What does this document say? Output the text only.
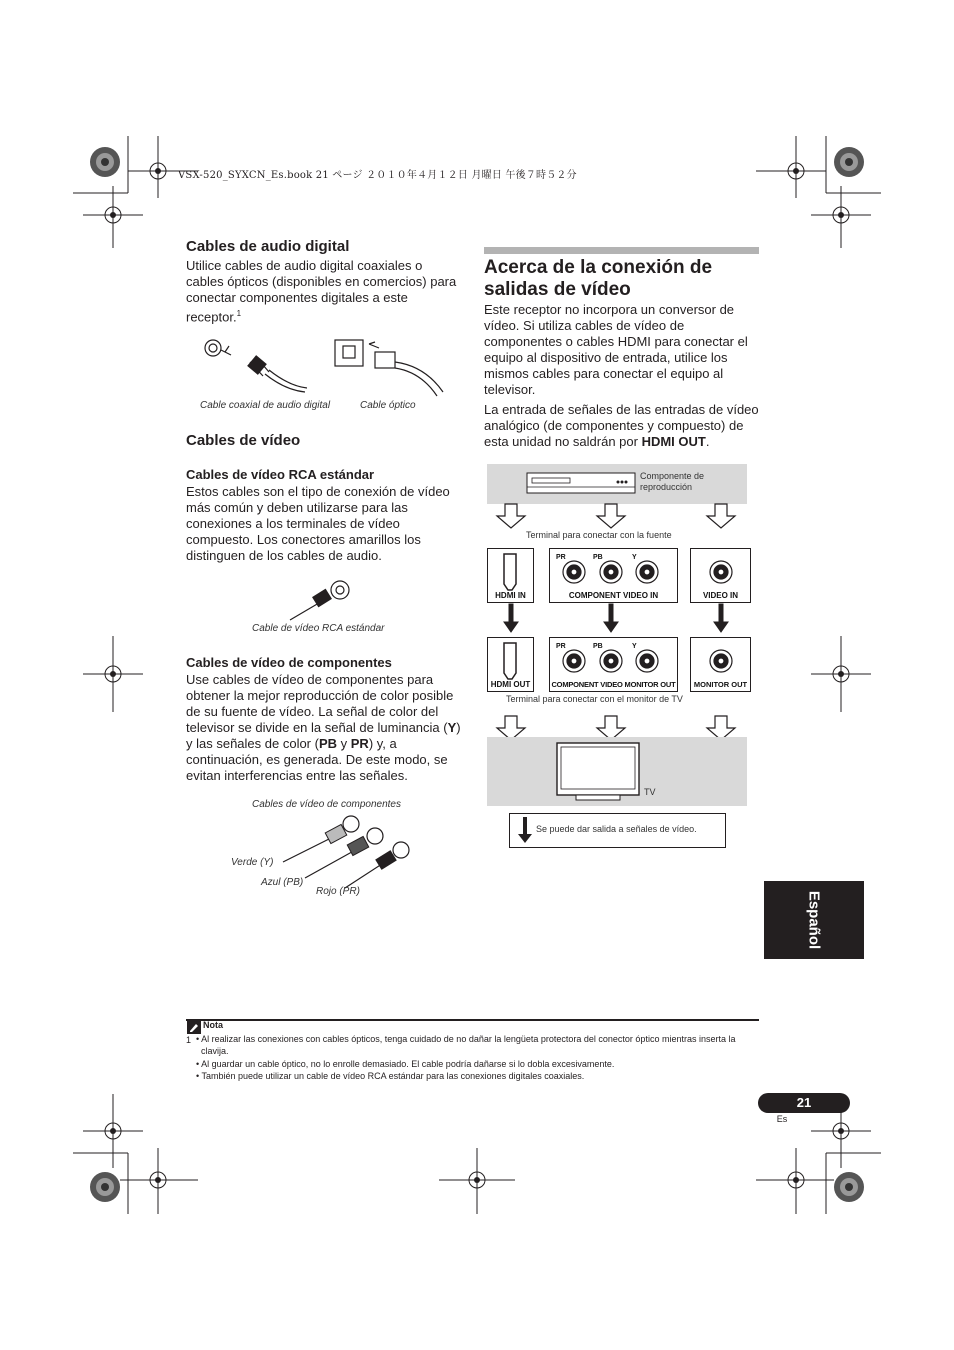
VSX-520_SYXCN_Es.book 21 ページ ２０１０年４月１２日 月曜日 午後７時５２分
Cables de audio digital
Utilice cables de audio digital coaxiales o cables ópticos (disponibles en comercios) para conectar componentes digitales a este receptor.$^1$
Cable coaxial de audio digital	Cable óptico
Cables de vídeo
Cables de vídeo RCA estándar
Estos cables son el tipo de conexión de vídeo más común y deben utilizarse para las conexiones a los terminales de vídeo compuesto. Los conectores amarillos los distinguen de los cables de audio.
Cable de vídeo RCA estándar
Cables de vídeo de componentes
Use cables de vídeo de componentes para obtener la mejor reproducción de color posible de su fuente de vídeo. La señal de color del televisor se divide en la señal de luminancia (Y) y las señales de color (PB y PR) y, a continuación, es generada. De este modo, se evitan interferencias entre las señales.
Cables de vídeo de componentes
Verde (Y)
Azul (PB)
Rojo (PR)
Acerca de la conexión de salidas de vídeo
Este receptor no incorpora un conversor de vídeo. Si utiliza cables de vídeo de componentes o cables HDMI para conectar el equipo al dispositivo de entrada, utilice los mismos cables para conectar el equipo al televisor.
La entrada de señales de las entradas de vídeo analógico (de componentes y compuesto) de esta unidad no saldrán por HDMI OUT.
Componente de reproducción
Terminal para conectar con la fuente
PR	PB	Y
HDMI IN	COMPONENT VIDEO IN	VIDEO IN
PR	PB	Y
HDMI OUT	COMPONENT VIDEO MONITOR OUT	MONITOR OUT
Terminal para conectar con el monitor de TV
TV
Se puede dar salida a señales de vídeo.
Español
Nota
1 • Al realizar las conexiones con cables ópticos, tenga cuidado de no dañar la lengüeta protectora del conector óptico mientras inserta la clavija.
• Al guardar un cable óptico, no lo enrolle demasiado. El cable podría dañarse si lo dobla excesivamente.
• También puede utilizar un cable de vídeo RCA estándar para las conexiones digitales coaxiales.
21
Es
